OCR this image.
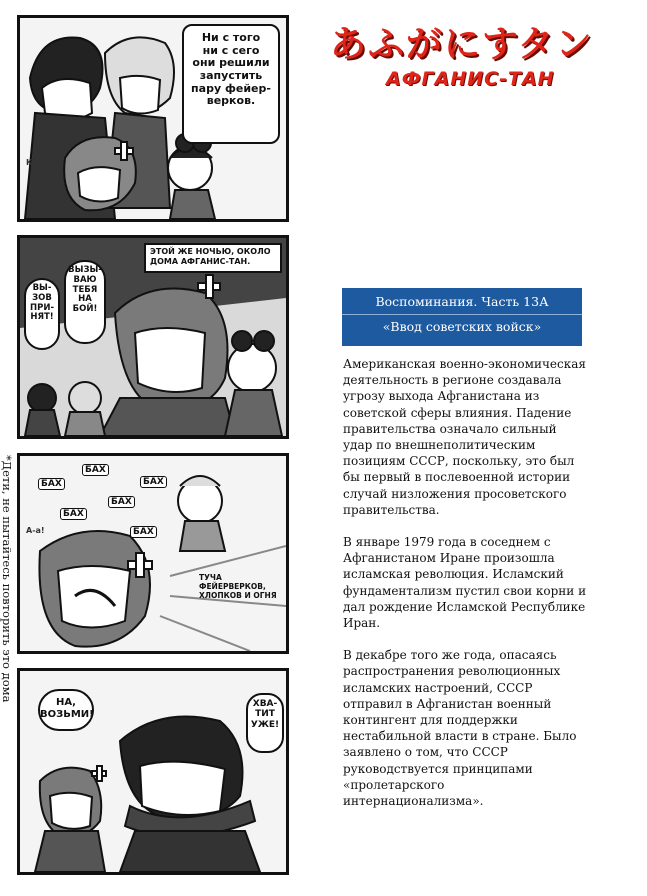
*Дети, не пытайтесь повторить это дома
Ни с того
ни с сего
они решили
запустить
пару фейер-
верков.
КХЕ
КХЕ
ЭТОЙ ЖЕ НОЧЬЮ, ОКОЛО
ДОМА АФГАНИС-ТАН.
ВЫ-
ЗОВ
ПРИ-
НЯТ!
ВЫЗЫ-
ВАЮ
ТЕБЯ
НА
БОЙ!
БАХ
БАХ
БАХ
БАХ
БАХ
БАХ
А-а!
ТУЧА ФЕЙЕРВЕРКОВ,
ХЛОПКОВ И ОГНЯ
НА,
ВОЗЬМИ!
ХВА-
ТИТ
УЖЕ!
あふがにすタン
АФГАНИС-ТАН
Воспоминания. Часть 13А
«Ввод советских войск»

Американская военно-экономическая деятельность в регионе создавала угрозу выхода Афганистана из советской сферы влияния. Падение правительства означало сильный удар по внешнеполитическим позициям СССР, поскольку, это был бы первый в послевоенной истории случай низложения просоветского правительства.

В январе 1979 года в соседнем с Афганистаном Иране произошла исламская революция. Исламский фундаментализм пустил свои корни и дал рождение Исламской Республике Иран.

В декабре того же года, опасаясь распространения революционных исламских настроений, СССР отправил в Афганистан военный контингент для поддержки нестабильной власти в стране. Было заявлено о том, что СССР руководствуется принципами «пролетарского интернационализма».
